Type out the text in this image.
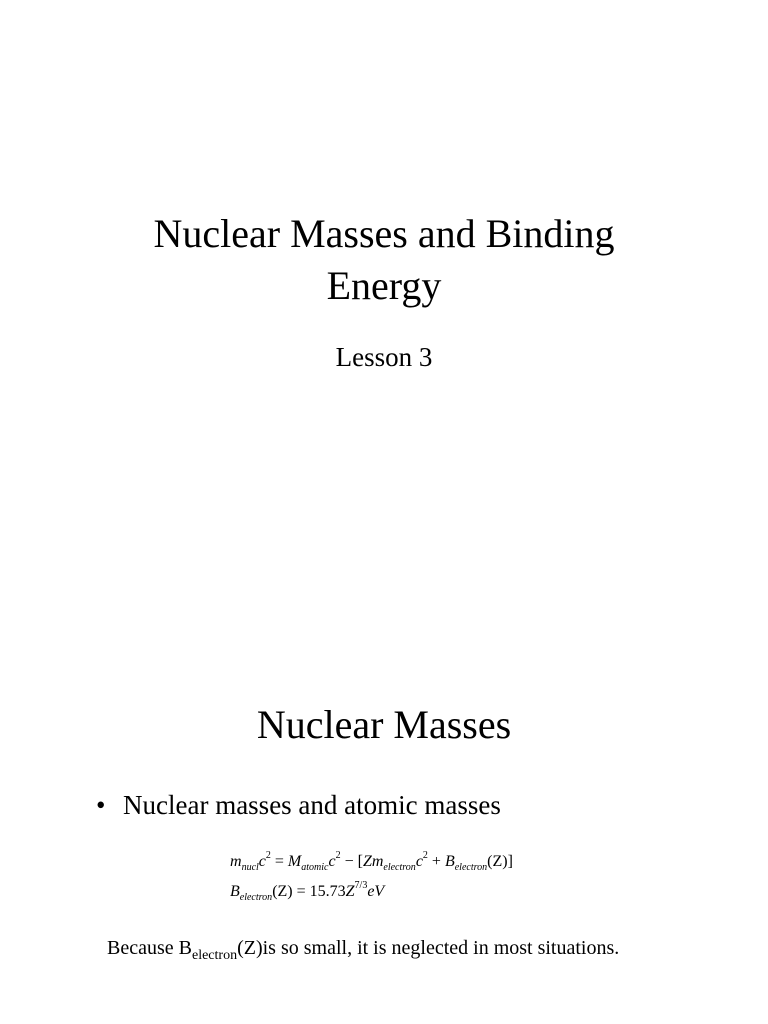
Nuclear Masses and Binding
Energy

Lesson 3

Nuclear Masses
• Nuclear masses and atomic masses
$m_{nucl}c^2 = M_{atomic}c^2 - [Zm_{electron}c^2 + B_{electron}(Z)]$
$B_{electron}(Z) = 15.73Z^{7/3}eV$

Because $B_{electron}(Z)is$ so small, it is neglected in most situations.
